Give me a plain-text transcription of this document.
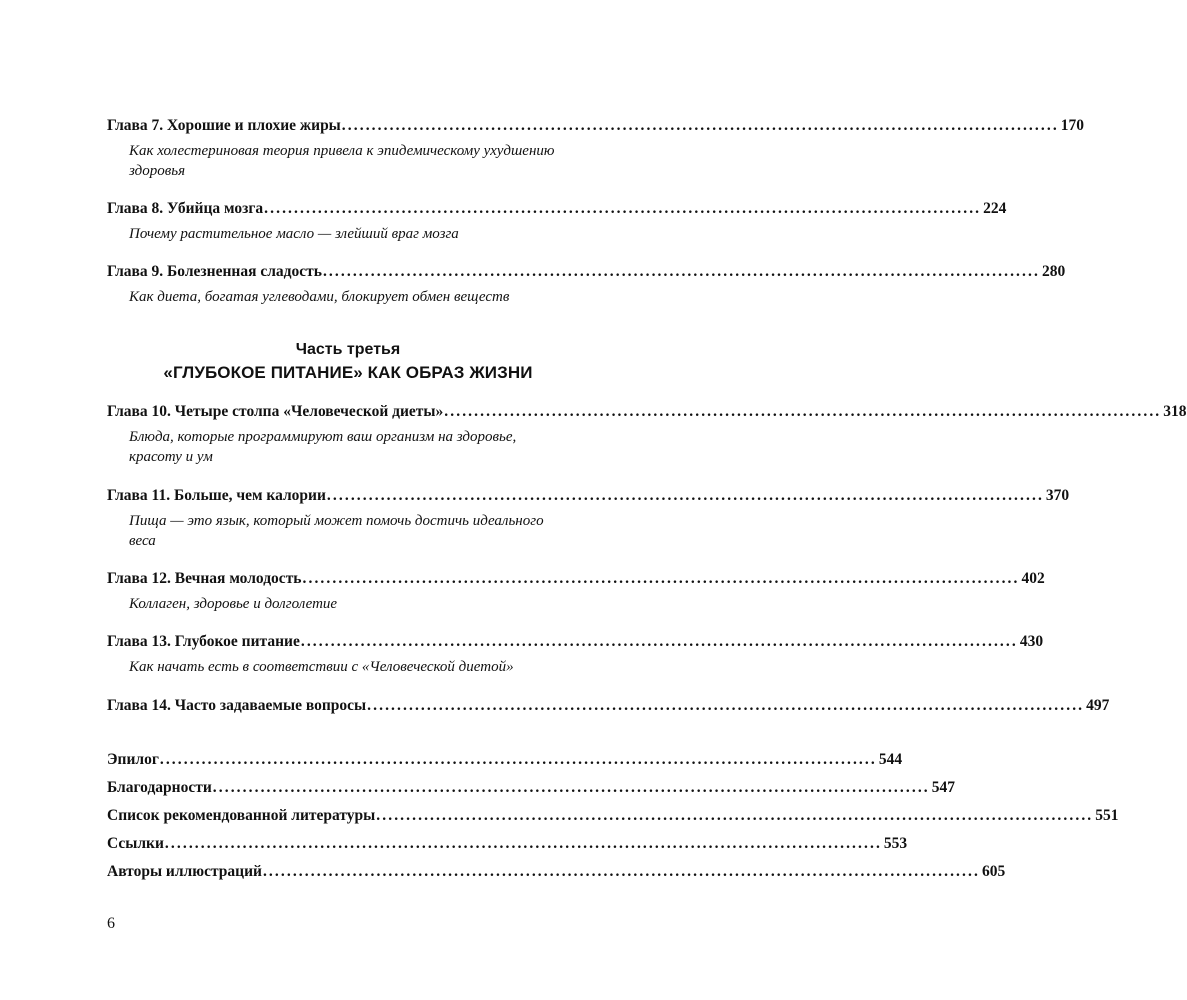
Глава 7. Хорошие и плохие жиры ........................................................................................................................ 170
Как холестериновая теория привела к эпидемическому ухудшению здоровья
Глава 8. Убийца мозга ........................................................................................................................ 224
Почему растительное масло — злейший враг мозга
Глава 9. Болезненная сладость ........................................................................................................................ 280
Как диета, богатая углеводами, блокирует обмен веществ
Часть третья
«ГЛУБОКОЕ ПИТАНИЕ» КАК ОБРАЗ ЖИЗНИ
Глава 10. Четыре столпа «Человеческой диеты» ........................................................................................................................ 318
Блюда, которые программируют ваш организм на здоровье, красоту и ум
Глава 11. Больше, чем калории ........................................................................................................................ 370
Пища — это язык, который может помочь достичь идеального веса
Глава 12. Вечная молодость ........................................................................................................................ 402
Коллаген, здоровье и долголетие
Глава 13. Глубокое питание ........................................................................................................................ 430
Как начать есть в соответствии с «Человеческой диетой»
Глава 14. Часто задаваемые вопросы ........................................................................................................................ 497
Эпилог ........................................................................................................................ 544
Благодарности ........................................................................................................................ 547
Список рекомендованной литературы ........................................................................................................................ 551
Ссылки ........................................................................................................................ 553
Авторы иллюстраций ........................................................................................................................ 605
6
